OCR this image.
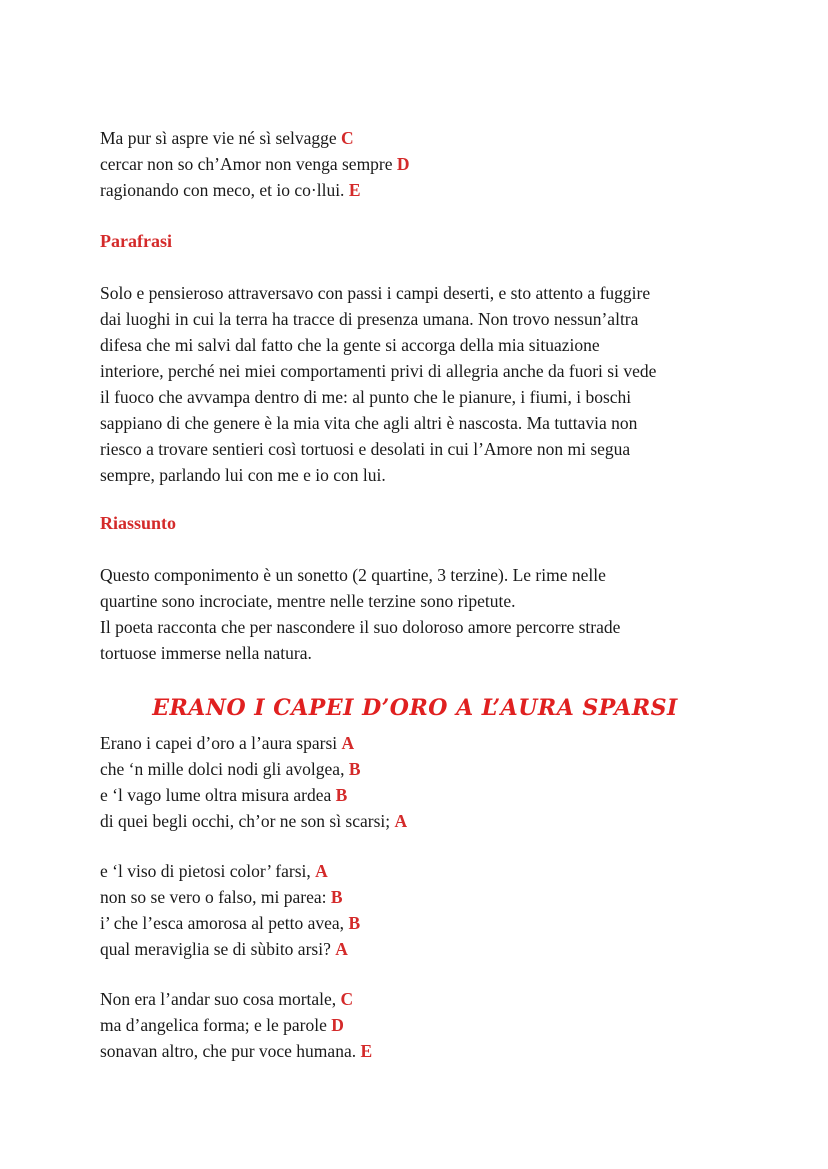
Ma pur sì aspre vie né sì selvagge C
cercar non so ch’Amor non venga sempre D
ragionando con meco, et io co·llui. E
Parafrasi
Solo e pensieroso attraversavo con passi i campi deserti, e sto attento a fuggire
dai luoghi in cui la terra ha tracce di presenza umana. Non trovo nessun’altra
difesa che mi salvi dal fatto che la gente si accorga della mia situazione
interiore, perché nei miei comportamenti privi di allegria anche da fuori si vede
il fuoco che avvampa dentro di me: al punto che le pianure, i fiumi, i boschi
sappiano di che genere è la mia vita che agli altri è nascosta. Ma tuttavia non
riesco a trovare sentieri così tortuosi e desolati in cui l’Amore non mi segua
sempre, parlando lui con me e io con lui.
Riassunto
Questo componimento è un sonetto (2 quartine, 3 terzine). Le rime nelle
quartine sono incrociate, mentre nelle terzine sono ripetute.
Il poeta racconta che per nascondere il suo doloroso amore percorre strade
tortuose immerse nella natura.
ERANO I CAPEI D’ORO A L’AURA SPARSI
Erano i capei d’oro a l’aura sparsi A
che ‘n mille dolci nodi gli avolgea, B
e ‘l vago lume oltra misura ardea B
di quei begli occhi, ch’or ne son sì scarsi; A
e ‘l viso di pietosi color’ farsi, A
non so se vero o falso, mi parea: B
i’ che l’esca amorosa al petto avea, B
qual meraviglia se di sùbito arsi? A
Non era l’andar suo cosa mortale, C
ma d’angelica forma; e le parole D
sonavan altro, che pur voce humana. E
